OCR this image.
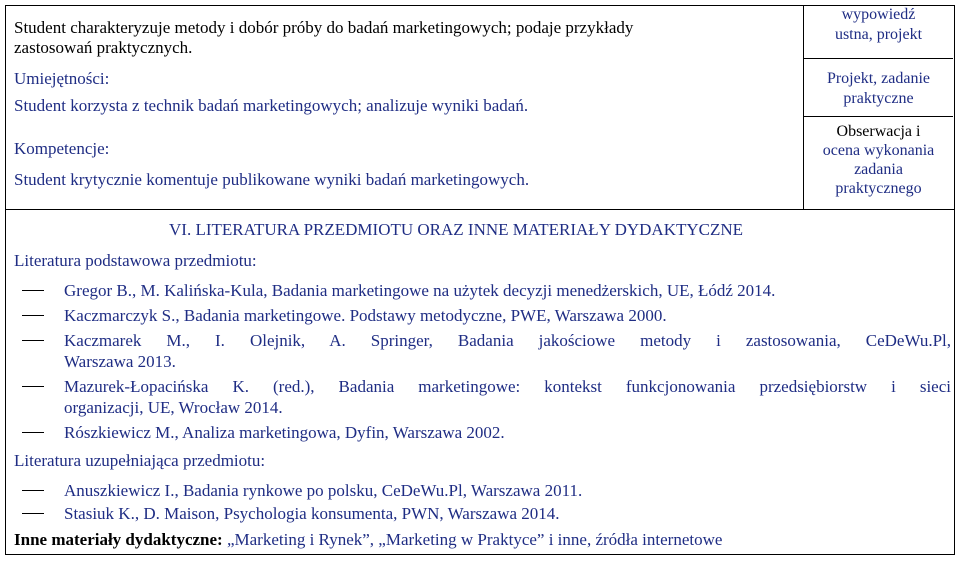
Student charakteryzuje metody i dobór próby do badań marketingowych; podaje przykłady
zastosowań praktycznych.
Umiejętności:
Student korzysta z technik badań marketingowych; analizuje wyniki badań.
Kompetencje:
Student krytycznie komentuje publikowane wyniki badań marketingowych.
wypowiedź
ustna, projekt
Projekt, zadanie
praktyczne
Obserwacja i
ocena wykonania
zadania
praktycznego
VI. LITERATURA PRZEDMIOTU ORAZ INNE MATERIAŁY DYDAKTYCZNE
Literatura podstawowa przedmiotu:
Gregor B., M. Kalińska-Kula, Badania marketingowe na użytek decyzji menedżerskich, UE, Łódź 2014.
Kaczmarczyk S., Badania marketingowe. Podstawy metodyczne, PWE, Warszawa 2000.
Kaczmarek M., I. Olejnik, A. Springer, Badania jakościowe metody i zastosowania, CeDeWu.Pl,
Warszawa 2013.
Mazurek-Łopacińska K. (red.), Badania marketingowe: kontekst funkcjonowania przedsiębiorstw i sieci
organizacji, UE, Wrocław 2014.
Rószkiewicz M., Analiza marketingowa, Dyfin, Warszawa 2002.
Literatura uzupełniająca przedmiotu:
Anuszkiewicz I., Badania rynkowe po polsku, CeDeWu.Pl, Warszawa 2011.
Stasiuk K., D. Maison, Psychologia konsumenta, PWN, Warszawa 2014.
Inne materiały dydaktyczne: „Marketing i Rynek”, „Marketing w Praktyce” i inne, źródła internetowe
